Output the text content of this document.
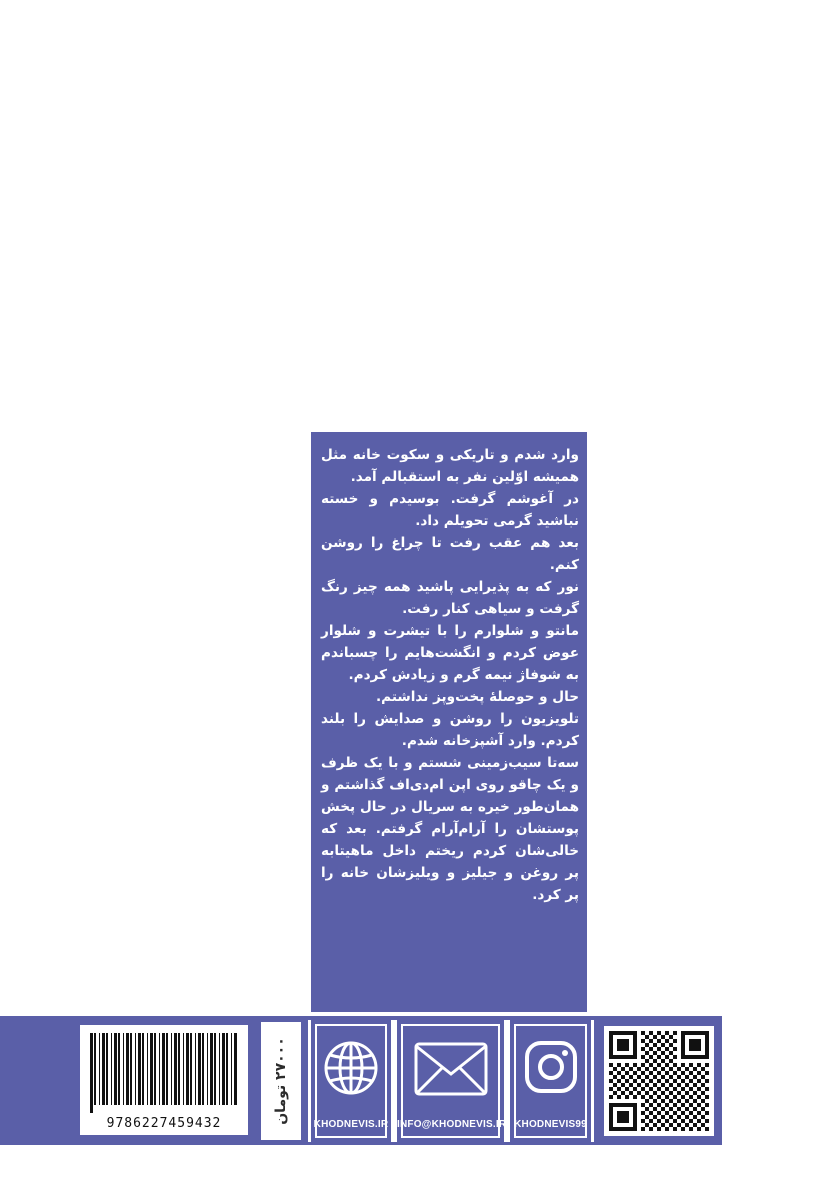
وارد شدم و تاریکی و سکوت خانه مثل همیشه اوّلین نفر به استقبالم آمد.

در آغوشم گرفت. بوسیدم و خسته نباشید گرمی تحویلم داد.

بعد هم عقب رفت تا چراغ را روشن کنم.

نور که به پذیرایی پاشید همه چیز رنگ گرفت و سیاهی کنار رفت.

مانتو و شلوارم را با تیشرت و شلوار عوض کردم و انگشت‌هایم را چسباندم به شوفاژ نیمه گرم و زیادش کردم.

حال و حوصلهٔ پخت‌وپز نداشتم.

تلویزیون را روشن و صدایش را بلند کردم. وارد آشپزخانه شدم.

سه‌تا سیب‌زمینی شستم و با یک ظرف و یک چاقو روی اپن ام‌دی‌اف گذاشتم و همان‌طور خیره به سریال در حال پخش پوستشان را آرام‌آرام گرفتم. بعد که خالی‌شان کردم ریختم داخل ماهیتابه پر روغن و جیلیز و ویلیزشان خانه را پر کرد.

9786227459432	۲۷۰۰۰ تومان
KHODNEVIS.IR INFO@KHODNEVIS.IR KHODNEVIS99
